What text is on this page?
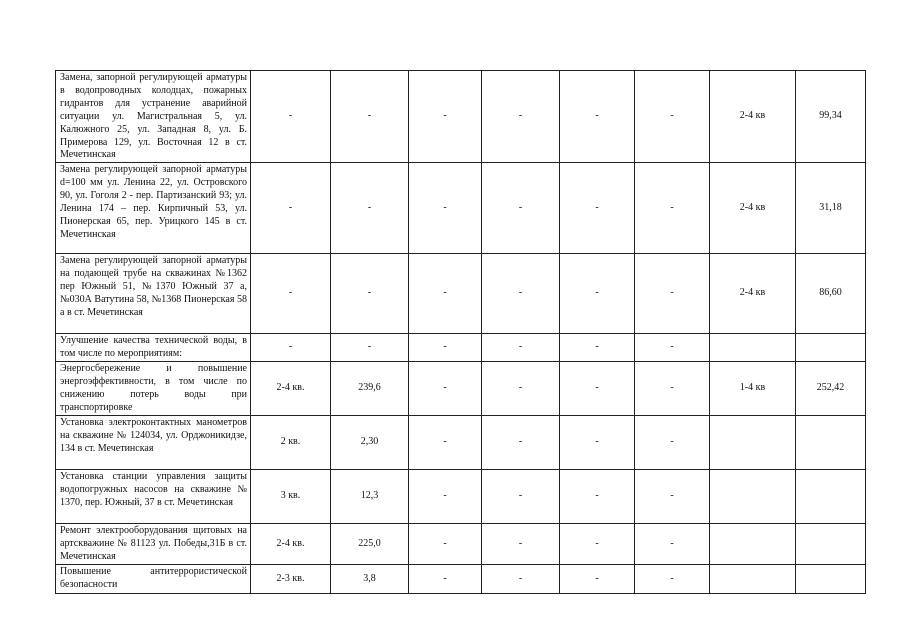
Замена, запорной регулирующей арматуры в водопроводных колодцах, пожарных гидрантов для устранение аварийной ситуации ул. Магистральная 5, ул. Калюжного 25, ул. Западная 8, ул. Б. Примерова 129, ул. Восточная 12 в ст. Мечетинская	-	-	-	-	-	-	2-4 кв	99,34
Замена регулирующей запорной арматуры d=100 мм ул. Ленина 22, ул. Островского 90, ул. Гоголя 2 - пер. Партизанский 93; ул. Ленина 174 – пер. Кирпичный 53, ул. Пионерская 65, пер. Урицкого 145 в ст. Мечетинская	-	-	-	-	-	-	2-4 кв	31,18
Замена регулирующей запорной арматуры на подающей трубе на скважинах №1362 пер Южный 51, №1370 Южный 37 а, №030А Ватутина 58, №1368 Пионерская 58 а в ст. Мечетинская	-	-	-	-	-	-	2-4 кв	86,60
Улучшение качества технической воды, в том числе по мероприятиям:	-	-	-	-	-	-		
Энергосбережение и повышение энергоэффективности, в том числе по снижению потерь воды при транспортировке	2-4 кв.	239,6	-	-	-	-	1-4 кв	252,42
Установка электроконтактных манометров на скважине № 124034, ул. Орджоникидзе, 134 в ст. Мечетинская	2 кв.	2,30	-	-	-	-		
Установка станции управления защиты водопогружных насосов на скважине № 1370, пер. Южный, 37 в ст. Мечетинская	3 кв.	12,3	-	-	-	-		
Ремонт электрооборудования щитовых на артскважине № 81123 ул. Победы,31Б в ст. Мечетинская	2-4 кв.	225,0	-	-	-	-		
Повышение антитеррористической безопасности	2-3 кв.	3,8	-	-	-	-		
